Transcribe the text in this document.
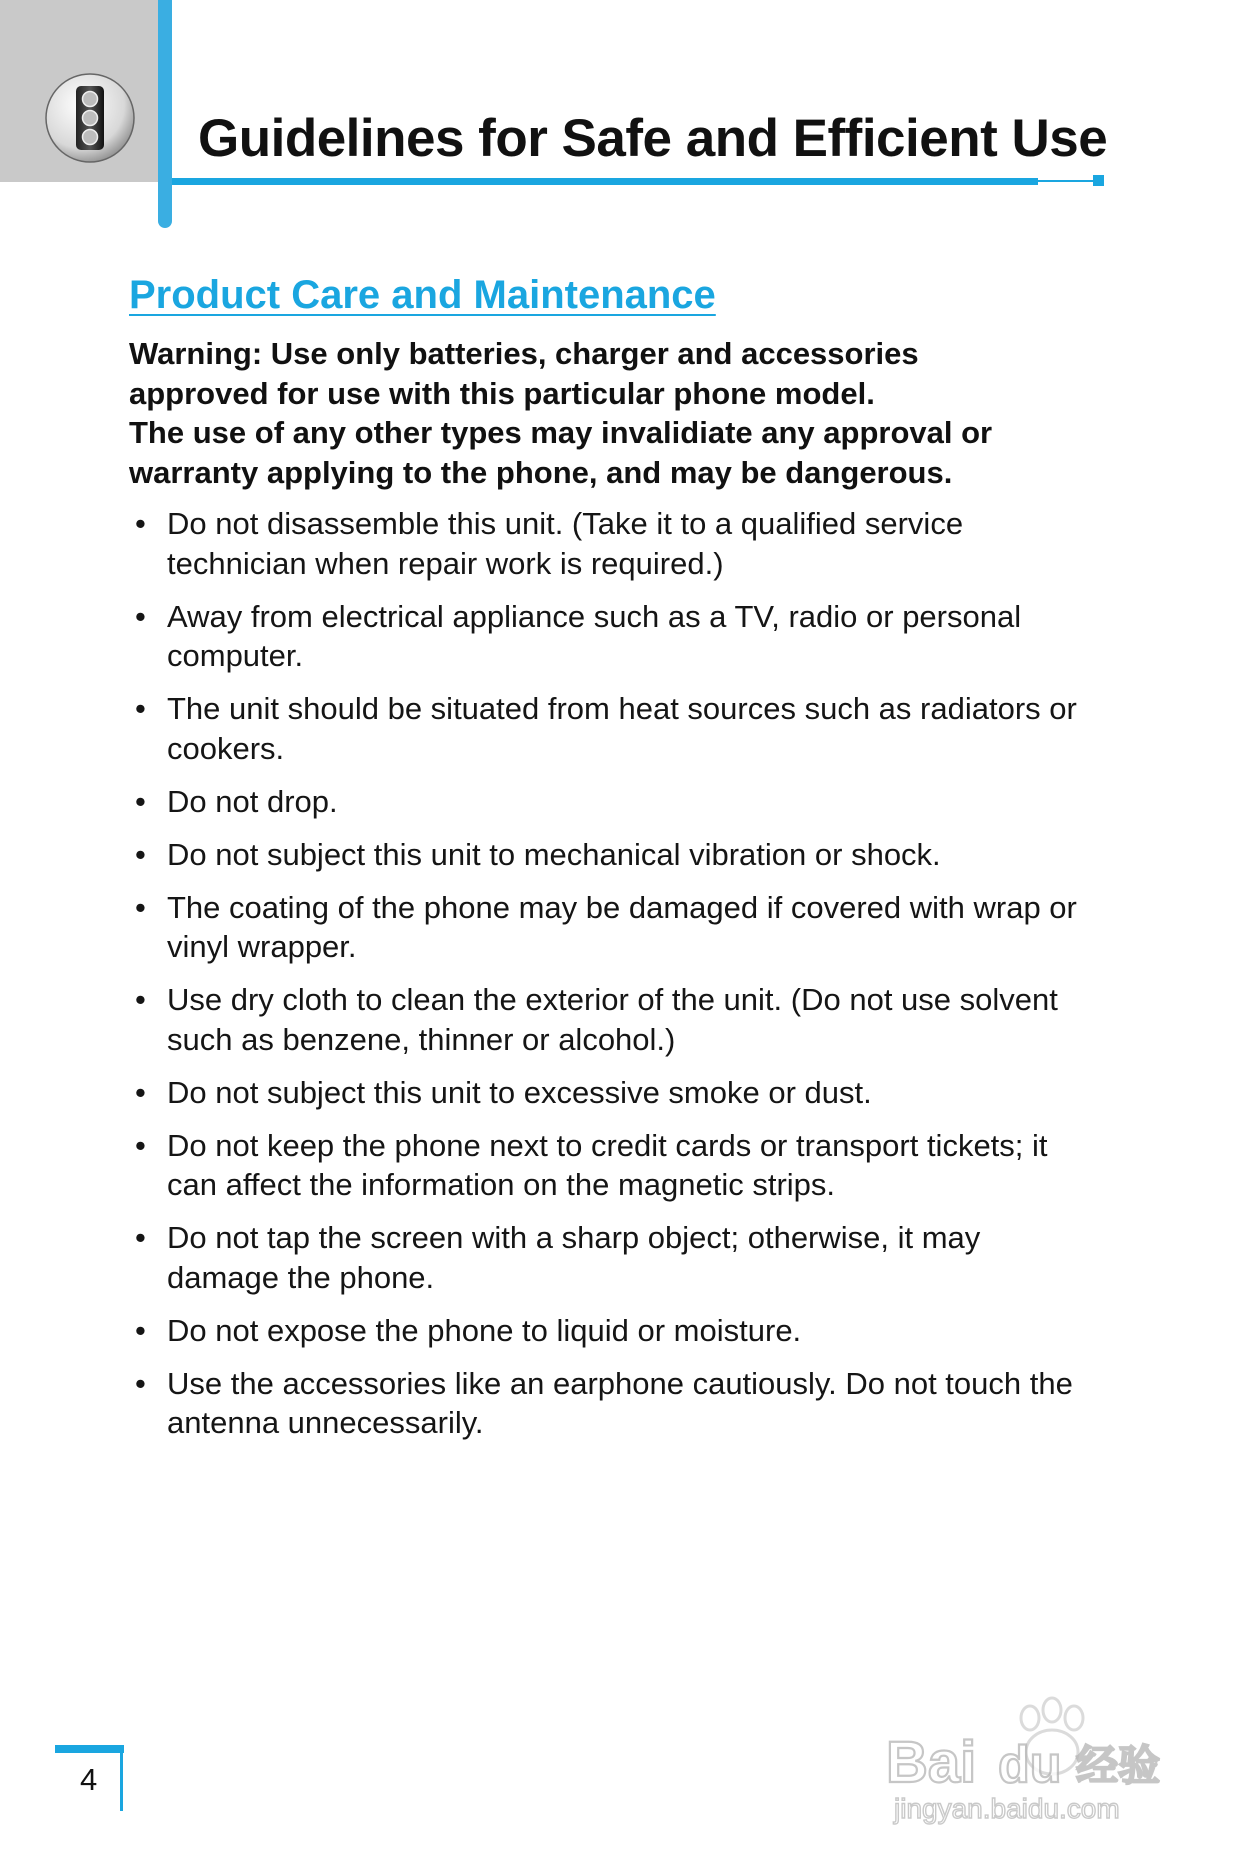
Guidelines for Safe and Efficient Use
Product Care and Maintenance

Warning: Use only batteries, charger and accessories
approved for use with this particular phone model.
The use of any other types may invalidiate any approval or
warranty applying to the phone, and may be dangerous.

• Do not disassemble this unit. (Take it to a qualified service technician when repair work is required.)
• Away from electrical appliance such as a TV, radio or personal computer.
• The unit should be situated from heat sources such as radiators or cookers.
• Do not drop.
• Do not subject this unit to mechanical vibration or shock.
• The coating of the phone may be damaged if covered with wrap or vinyl wrapper.
• Use dry cloth to clean the exterior of the unit. (Do not use solvent such as benzene, thinner or alcohol.)
• Do not subject this unit to excessive smoke or dust.
• Do not keep the phone next to credit cards or transport tickets; it can affect the information on the magnetic strips.
• Do not tap the screen with a sharp object; otherwise, it may damage the phone.
• Do not expose the phone to liquid or moisture.
• Use the accessories like an earphone cautiously. Do not touch the antenna unnecessarily.
4	Bai du 经验
jingyan.baidu.com
